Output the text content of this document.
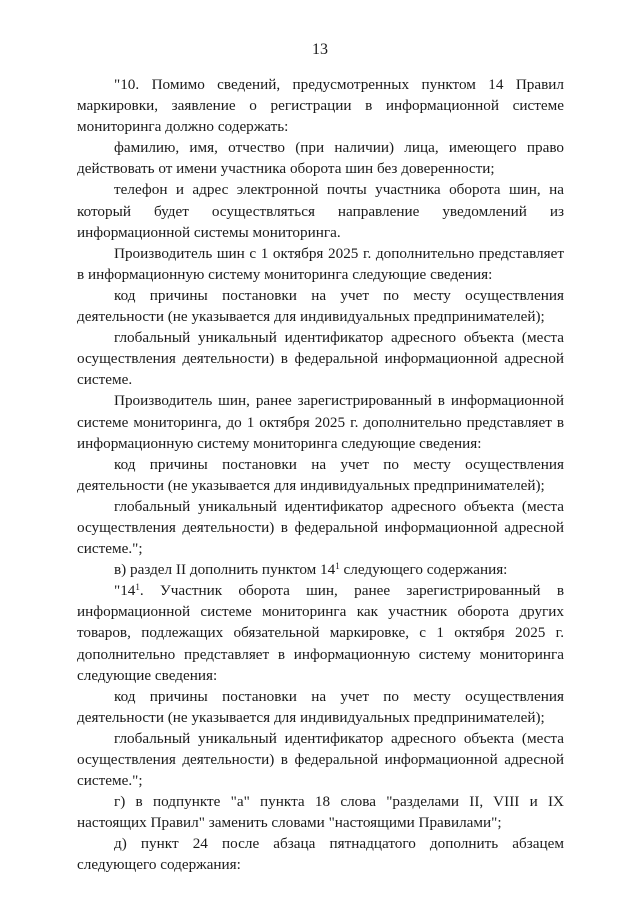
13

"10. Помимо сведений, предусмотренных пунктом 14 Правил маркировки, заявление о регистрации в информационной системе мониторинга должно содержать:

фамилию, имя, отчество (при наличии) лица, имеющего право действовать от имени участника оборота шин без доверенности;

телефон и адрес электронной почты участника оборота шин, на который будет осуществляться направление уведомлений из информационной системы мониторинга.

Производитель шин с 1 октября 2025 г. дополнительно представляет в информационную систему мониторинга следующие сведения:

код причины постановки на учет по месту осуществления деятельности (не указывается для индивидуальных предпринимателей);

глобальный уникальный идентификатор адресного объекта (места осуществления деятельности) в федеральной информационной адресной системе.

Производитель шин, ранее зарегистрированный в информационной системе мониторинга, до 1 октября 2025 г. дополнительно представляет в информационную систему мониторинга следующие сведения:

код причины постановки на учет по месту осуществления деятельности (не указывается для индивидуальных предпринимателей);

глобальный уникальный идентификатор адресного объекта (места осуществления деятельности) в федеральной информационной адресной системе.";

в) раздел II дополнить пунктом $14^1$ следующего содержания:

"$14^1$. Участник оборота шин, ранее зарегистрированный в информационной системе мониторинга как участник оборота других товаров, подлежащих обязательной маркировке, с 1 октября 2025 г. дополнительно представляет в информационную систему мониторинга следующие сведения:

код причины постановки на учет по месту осуществления деятельности (не указывается для индивидуальных предпринимателей);

глобальный уникальный идентификатор адресного объекта (места осуществления деятельности) в федеральной информационной адресной системе.";

г) в подпункте "а" пункта 18 слова "разделами II, VIII и IX настоящих Правил" заменить словами "настоящими Правилами";

д) пункт 24 после абзаца пятнадцатого дополнить абзацем следующего содержания:
